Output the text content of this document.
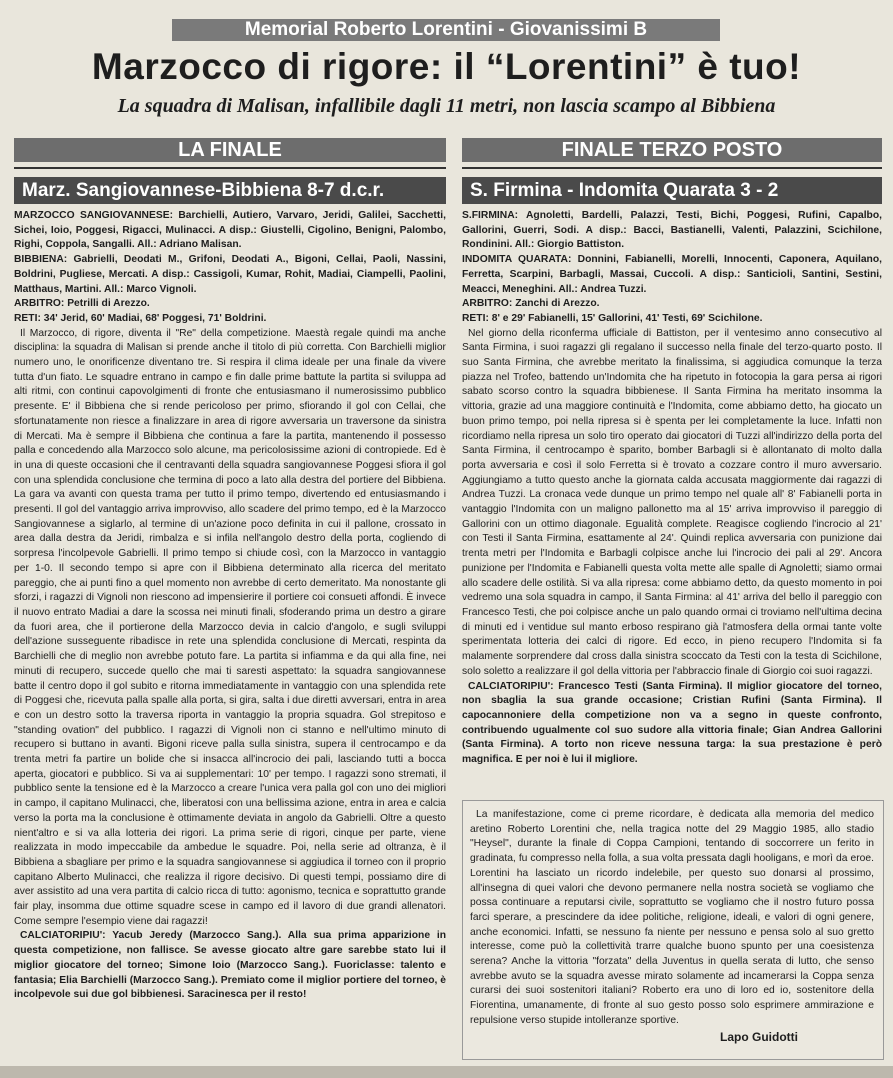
Memorial Roberto Lorentini - Giovanissimi B
Marzocco di rigore: il “Lorentini” è tuo!
La squadra di Malisan, infallibile dagli 11 metri, non lascia scampo al Bibbiena
LA FINALE
Marz. Sangiovannese-Bibbiena 8-7 d.c.r.

MARZOCCO SANGIOVANNESE: Barchielli, Autiero, Varvaro, Jeridi, Galilei, Sacchetti, Sichei, Ioio, Poggesi, Rigacci, Mulinacci. A disp.: Giustelli, Cigolino, Benigni, Palombo, Righi, Coppola, Sangalli. All.: Adriano Malisan.

BIBBIENA: Gabrielli, Deodati M., Grifoni, Deodati A., Bigoni, Cellai, Paoli, Nassini, Boldrini, Pugliese, Mercati. A disp.: Cassigoli, Kumar, Rohit, Madiai, Ciampelli, Paolini, Matthaus, Martini. All.: Marco Vignoli.

ARBITRO: Petrilli di Arezzo.

RETI: 34' Jerid, 60' Madiai, 68' Poggesi, 71' Boldrini.

Il Marzocco, di rigore, diventa il "Re" della competizione. Maestà regale quindi ma anche disciplina: la squadra di Malisan si prende anche il titolo di più corretta. Con Barchielli miglior numero uno, le onorificenze diventano tre. Si respira il clima ideale per una finale da vivere tutta d'un fiato. Le squadre entrano in campo e fin dalle prime battute la partita si sviluppa ad alti ritmi, con continui capovolgimenti di fronte che entusiasmano il numerosissimo pubblico presente. E' il Bibbiena che si rende pericoloso per primo, sfiorando il gol con Cellai, che sfortunatamente non riesce a finalizzare in area di rigore avversaria un traversone da sinistra di Mercati. Ma è sempre il Bibbiena che continua a fare la partita, mantenendo il possesso palla e concedendo alla Marzocco solo alcune, ma pericolosissime azioni di contropiede. Ed è in una di queste occasioni che il centravanti della squadra sangiovannese Poggesi sfiora il gol con una splendida conclusione che termina di poco a lato alla destra del portiere del Bibbiena. La gara va avanti con questa trama per tutto il primo tempo, divertendo ed entusiasmando i presenti. Il gol del vantaggio arriva improvviso, allo scadere del primo tempo, ed è la Marzocco Sangiovannese a siglarlo, al termine di un'azione poco definita in cui il pallone, crossato in area dalla destra da Jeridi, rimbalza e si infila nell'angolo destro della porta, cogliendo di sorpresa l'incolpevole Gabrielli. Il primo tempo si chiude così, con la Marzocco in vantaggio per 1-0. Il secondo tempo si apre con il Bibbiena determinato alla ricerca del meritato pareggio, che ai punti fino a quel momento non avrebbe di certo demeritato. Ma nonostante gli sforzi, i ragazzi di Vignoli non riescono ad impensierire il portiere coi consueti affondi. È invece il nuovo entrato Madiai a dare la scossa nei minuti finali, sfoderando prima un destro a girare da fuori area, che il portierone della Marzocco devia in calcio d'angolo, e sugli sviluppi dell'azione susseguente ribadisce in rete una splendida conclusione di Mercati, respinta da Barchielli che di meglio non avrebbe potuto fare. La partita si infiamma e da qui alla fine, nei minuti di recupero, succede quello che mai ti saresti aspettato: la squadra sangiovannese batte il centro dopo il gol subito e ritorna immediatamente in vantaggio con una splendida rete di Poggesi che, ricevuta palla spalle alla porta, si gira, salta i due diretti avversari, entra in area e con un destro sotto la traversa riporta in vantaggio la propria squadra. Gol strepitoso e "standing ovation" del pubblico. I ragazzi di Vignoli non ci stanno e nell'ultimo minuto di recupero si buttano in avanti. Bigoni riceve palla sulla sinistra, supera il centrocampo e da trenta metri fa partire un bolide che si insacca all'incrocio dei pali, lasciando tutti a bocca aperta, giocatori e pubblico. Si va ai supplementari: 10' per tempo. I ragazzi sono stremati, il pubblico sente la tensione ed è la Marzocco a creare l'unica vera palla gol con uno dei migliori in campo, il capitano Mulinacci, che, liberatosi con una bellissima azione, entra in area e calcia verso la porta ma la conclusione è ottimamente deviata in angolo da Gabrielli. Oltre a questo nient'altro e si va alla lotteria dei rigori. La prima serie di rigori, cinque per parte, viene realizzata in modo impeccabile da ambedue le squadre. Poi, nella serie ad oltranza, è il Bibbiena a sbagliare per primo e la squadra sangiovannese si aggiudica il torneo con il proprio capitano Alberto Mulinacci, che realizza il rigore decisivo. Di questi tempi, possiamo dire di aver assistito ad una vera partita di calcio ricca di tutto: agonismo, tecnica e soprattutto grande fair play, insomma due ottime squadre scese in campo ed il lavoro di due grandi allenatori. Come sempre l'esempio viene dai ragazzi!

CALCIATORIPIU': Yacub Jeredy (Marzocco Sang.). Alla sua prima apparizione in questa competizione, non fallisce. Se avesse giocato altre gare sarebbe stato lui il miglior giocatore del torneo; Simone Ioio (Marzocco Sang.). Fuoriclasse: talento e fantasia; Elia Barchielli (Marzocco Sang.). Premiato come il miglior portiere del torneo, è incolpevole sui due gol bibbienesi. Saracinesca per il resto!

FINALE TERZO POSTO
S. Firmina - Indomita Quarata 3 - 2

S.FIRMINA: Agnoletti, Bardelli, Palazzi, Testi, Bichi, Poggesi, Rufini, Capalbo, Gallorini, Guerri, Sodi. A disp.: Bacci, Bastianelli, Valenti, Palazzini, Scichilone, Rondinini. All.: Giorgio Battiston.

INDOMITA QUARATA: Donnini, Fabianelli, Morelli, Innocenti, Caponera, Aquilano, Ferretta, Scarpini, Barbagli, Massai, Cuccoli. A disp.: Santicioli, Santini, Sestini, Meacci, Meneghini. All.: Andrea Tuzzi.

ARBITRO: Zanchi di Arezzo.

RETI: 8' e 29' Fabianelli, 15' Gallorini, 41' Testi, 69' Scichilone.

Nel giorno della riconferma ufficiale di Battiston, per il ventesimo anno consecutivo al Santa Firmina, i suoi ragazzi gli regalano il successo nella finale del terzo-quarto posto. Il suo Santa Firmina, che avrebbe meritato la finalissima, si aggiudica comunque la terza piazza nel Trofeo, battendo un'Indomita che ha ripetuto in fotocopia la gara persa ai rigori sabato scorso contro la squadra bibbienese. Il Santa Firmina ha meritato insomma la vittoria, grazie ad una maggiore continuità e l'Indomita, come abbiamo detto, ha giocato un buon primo tempo, poi nella ripresa si è spenta per lei completamente la luce. Infatti non ricordiamo nella ripresa un solo tiro operato dai giocatori di Tuzzi all'indirizzo della porta del Santa Firmina, il centrocampo è sparito, bomber Barbagli si è allontanato di molto dalla porta avversaria e così il solo Ferretta si è trovato a cozzare contro il muro avversario. Aggiungiamo a tutto questo anche la giornata calda accusata maggiormente dai ragazzi di Andrea Tuzzi. La cronaca vede dunque un primo tempo nel quale all' 8' Fabianelli porta in vantaggio l'Indomita con un maligno pallonetto ma al 15' arriva improvviso il pareggio di Gallorini con un ottimo diagonale. Egualità complete. Reagisce cogliendo l'incrocio al 21' con Testi il Santa Firmina, esattamente al 24'. Quindi replica avversaria con punizione dai trenta metri per l'Indomita e Barbagli colpisce anche lui l'incrocio dei pali al 29'. Ancora punizione per l'Indomita e Fabianelli questa volta mette alle spalle di Agnoletti; siamo ormai allo scadere delle ostilità. Si va alla ripresa: come abbiamo detto, da questo momento in poi vedremo una sola squadra in campo, il Santa Firmina: al 41' arriva del bello il pareggio con Francesco Testi, che poi colpisce anche un palo quando ormai ci troviamo nell'ultima decina di minuti ed i ventidue sul manto erboso respirano già l'atmosfera della ormai tante volte sperimentata lotteria dei calci di rigore. Ed ecco, in pieno recupero l'Indomita si fa malamente sorprendere dal cross dalla sinistra scoccato da Testi con la testa di Scichilone, solo soletto a realizzare il gol della vittoria per l'abbraccio finale di Giorgio coi suoi ragazzi.

CALCIATORIPIU': Francesco Testi (Santa Firmina). Il miglior giocatore del torneo, non sbaglia la sua grande occasione; Cristian Rufini (Santa Firmina). Il capocannoniere della competizione non va a segno in queste confronto, contribuendo ugualmente col suo sudore alla vittoria finale; Gian Andrea Gallorini (Santa Firmina). A torto non riceve nessuna targa: la sua prestazione è però magnifica. E per noi è lui il migliore.

La manifestazione, come ci preme ricordare, è dedicata alla memoria del medico aretino Roberto Lorentini che, nella tragica notte del 29 Maggio 1985, allo stadio "Heysel", durante la finale di Coppa Campioni, tentando di soccorrere un ferito in gradinata, fu compresso nella folla, a sua volta pressata dagli hooligans, e morì da eroe. Lorentini ha lasciato un ricordo indelebile, per questo suo donarsi al prossimo, all'insegna di quei valori che devono permanere nella nostra società se vogliamo che possa continuare a reputarsi civile, soprattutto se vogliamo che il nostro futuro possa farci sperare, a prescindere da idee politiche, religione, ideali, e valori di ogni genere, anche economici. Infatti, se nessuno fa niente per nessuno e pensa solo al suo gretto interesse, come può la collettività trarre qualche buono spunto per una coesistenza serena? Anche la vittoria "forzata" della Juventus in quella serata di lutto, che senso avrebbe avuto se la squadra avesse mirato solamente ad incamerarsi la Coppa senza curarsi dei suoi sostenitori italiani? Roberto era uno di loro ed io, sostenitore della Fiorentina, umanamente, di fronte al suo gesto posso solo esprimere ammirazione e repulsione verso stupide intolleranze sportive.

Lapo Guidotti
